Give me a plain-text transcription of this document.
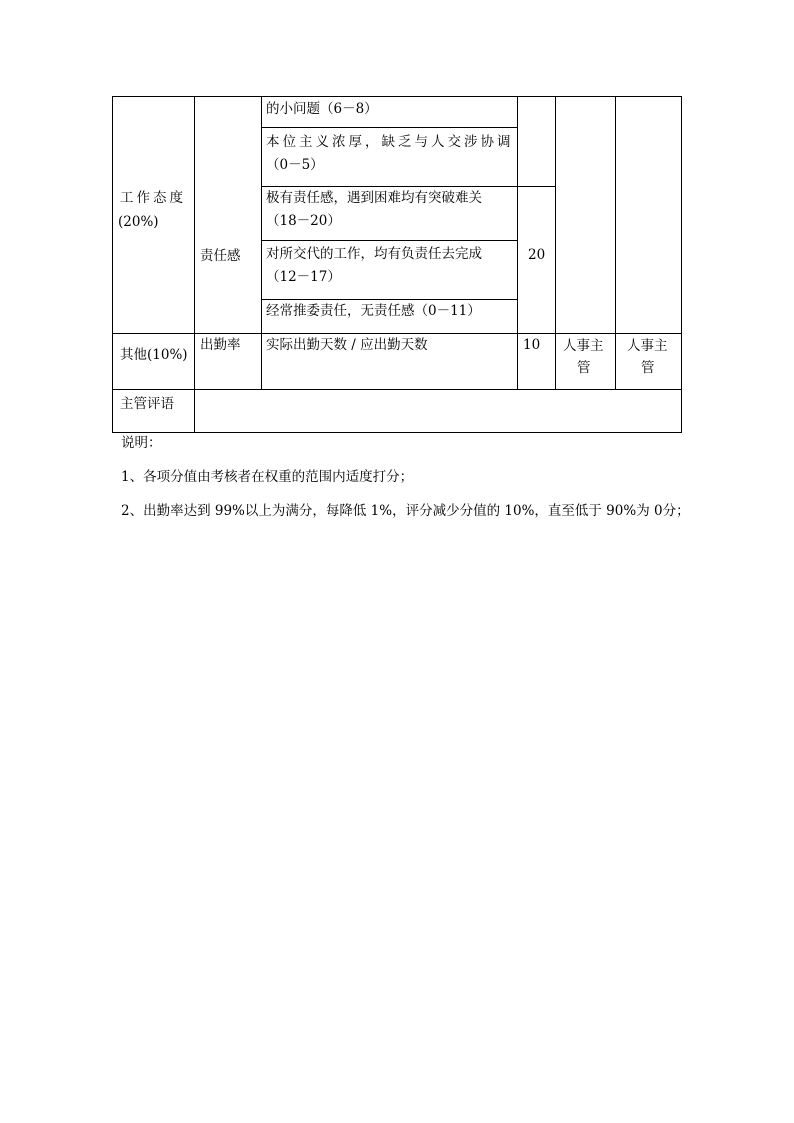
的小问题（6－8）
本位主义浓厚，缺乏与人交涉协调
（0－5）
工作态度
(20%)
责任感	20
极有责任感，遇到困难均有突破难关
（18－20）
对所交代的工作，均有负责任去完成
（12－17）
经常推委责任，无责任感（0－11）
其他(10%)
出勤率 实际出勤天数 / 应出勤天数	10 人事主
管
人事主
管
主管评语
说明：
1、各项分值由考核者在权重的范围内适度打分；
2、出勤率达到 99%以上为满分，每降低 1%，评分减少分值的 10%，直至低于 90%为 0分；
